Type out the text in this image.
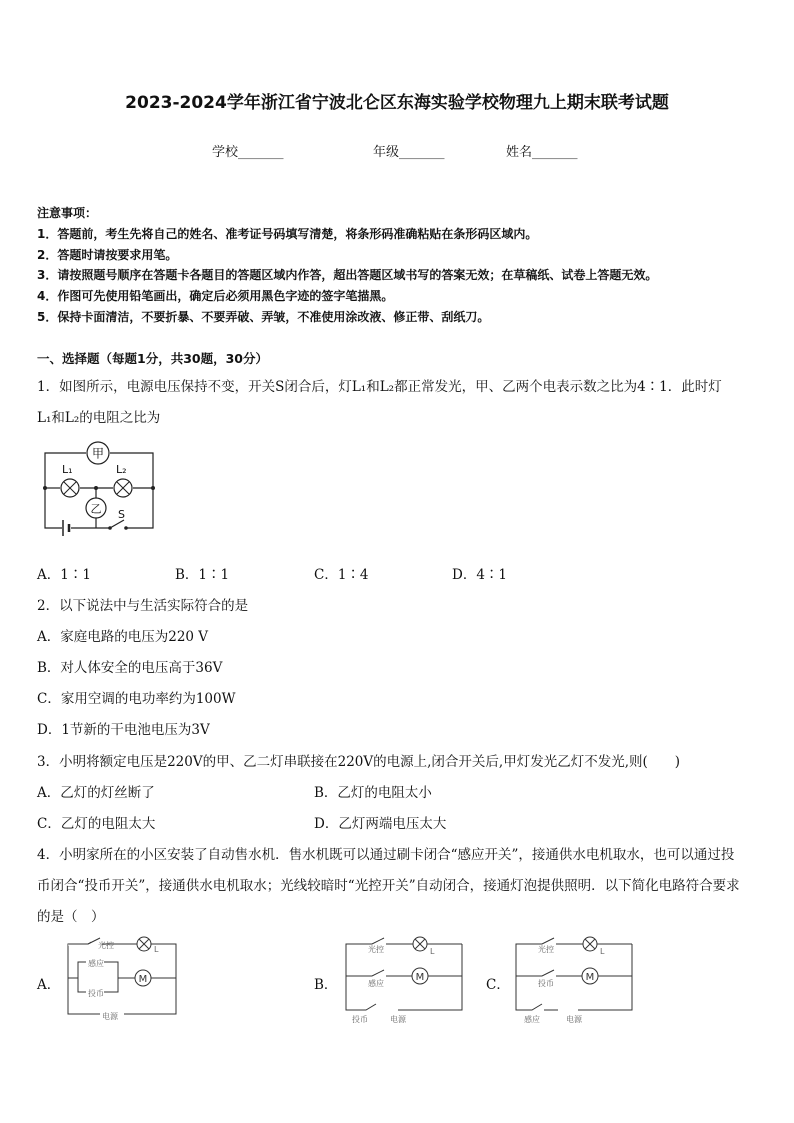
2023-2024学年浙江省宁波北仑区东海实验学校物理九上期末联考试题
学校_______	年级_______	姓名_______
注意事项：
1．答题前，考生先将自己的姓名、准考证号码填写清楚，将条形码准确粘贴在条形码区域内。
2．答题时请按要求用笔。
3．请按照题号顺序在答题卡各题目的答题区域内作答，超出答题区域书写的答案无效；在草稿纸、试卷上答题无效。
4．作图可先使用铅笔画出，确定后必须用黑色字迹的签字笔描黑。
5．保持卡面清洁，不要折暴、不要弄破、弄皱，不准使用涂改液、修正带、刮纸刀。
一、选择题（每题1分，共30题，30分）
1．如图所示，电源电压保持不变，开关S闭合后，灯L₁和L₂都正常发光，甲、乙两个电表示数之比为4∶1．此时灯
L₁和L₂的电阻之比为
甲
L₁	L₂
乙 S
A．1∶1	B．1∶1	C．1∶4	D．4∶1
2．以下说法中与生活实际符合的是
A．家庭电路的电压为220 V
B．对人体安全的电压高于36V
C．家用空调的电功率约为100W
D．1节新的干电池电压为3V
3．小明将额定电压是220V的甲、乙二灯串联接在220V的电源上,闭合开关后,甲灯发光乙灯不发光,则(　　)
A．乙灯的灯丝断了	B．乙灯的电阻太小
C．乙灯的电阻太大	D．乙灯两端电压太大
4．小明家所在的小区安装了自动售水机．售水机既可以通过刷卡闭合“感应开关”，接通供水电机取水，也可以通过投
币闭合“投币开关”，接通供水电机取水；光线较暗时“光控开关”自动闭合，接通灯泡提供照明．以下简化电路符合要求
的是（　）
A．	B．	C．
M
光控	L
感应
投币
电源
M
光控	L
感应
投币	电源
M
光控	L
投币
感应	电源
